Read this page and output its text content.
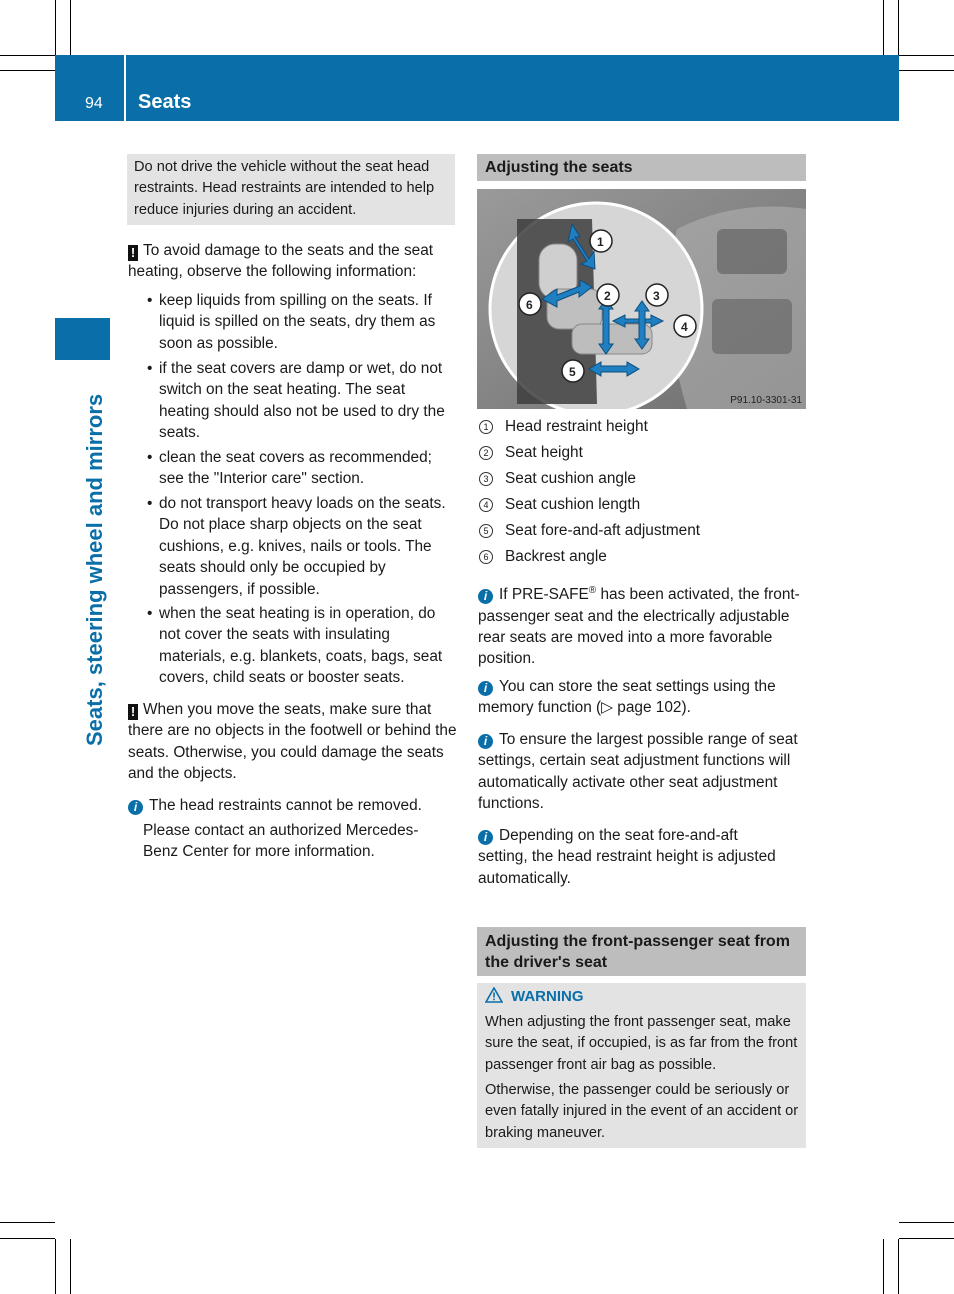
94 Seats
Seats, steering wheel and mirrors
Do not drive the vehicle without the seat head restraints. Head restraints are intended to help reduce injuries during an accident.
! To avoid damage to the seats and the seat heating, observe the following information:
• keep liquids from spilling on the seats. If liquid is spilled on the seats, dry them as soon as possible.
• if the seat covers are damp or wet, do not switch on the seat heating. The seat heating should also not be used to dry the seats.
• clean the seat covers as recommended; see the "Interior care" section.
• do not transport heavy loads on the seats. Do not place sharp objects on the seat cushions, e.g. knives, nails or tools. The seats should only be occupied by passengers, if possible.
• when the seat heating is in operation, do not cover the seats with insulating materials, e.g. blankets, coats, bags, seat covers, child seats or booster seats.
! When you move the seats, make sure that there are no objects in the footwell or behind the seats. Otherwise, you could damage the seats and the objects.
i The head restraints cannot be removed.
Please contact an authorized Mercedes-Benz Center for more information.
Adjusting the seats
1
2	3
4
5
6
P91.10-3301-31
1 Head restraint height
2 Seat height
3 Seat cushion angle
4 Seat cushion length
5 Seat fore-and-aft adjustment
6 Backrest angle
i If PRE-SAFE® has been activated, the front-passenger seat and the electrically adjustable rear seats are moved into a more favorable position.
i You can store the seat settings using the memory function (▷ page 102).
i To ensure the largest possible range of seat settings, certain seat adjustment functions will automatically activate other seat adjustment functions.
i Depending on the seat fore-and-aft setting, the head restraint height is adjusted automatically.
Adjusting the front-passenger seat from the driver's seat
WARNING
When adjusting the front passenger seat, make sure the seat, if occupied, is as far from the front passenger front air bag as possible.
Otherwise, the passenger could be seriously or even fatally injured in the event of an accident or braking maneuver.
